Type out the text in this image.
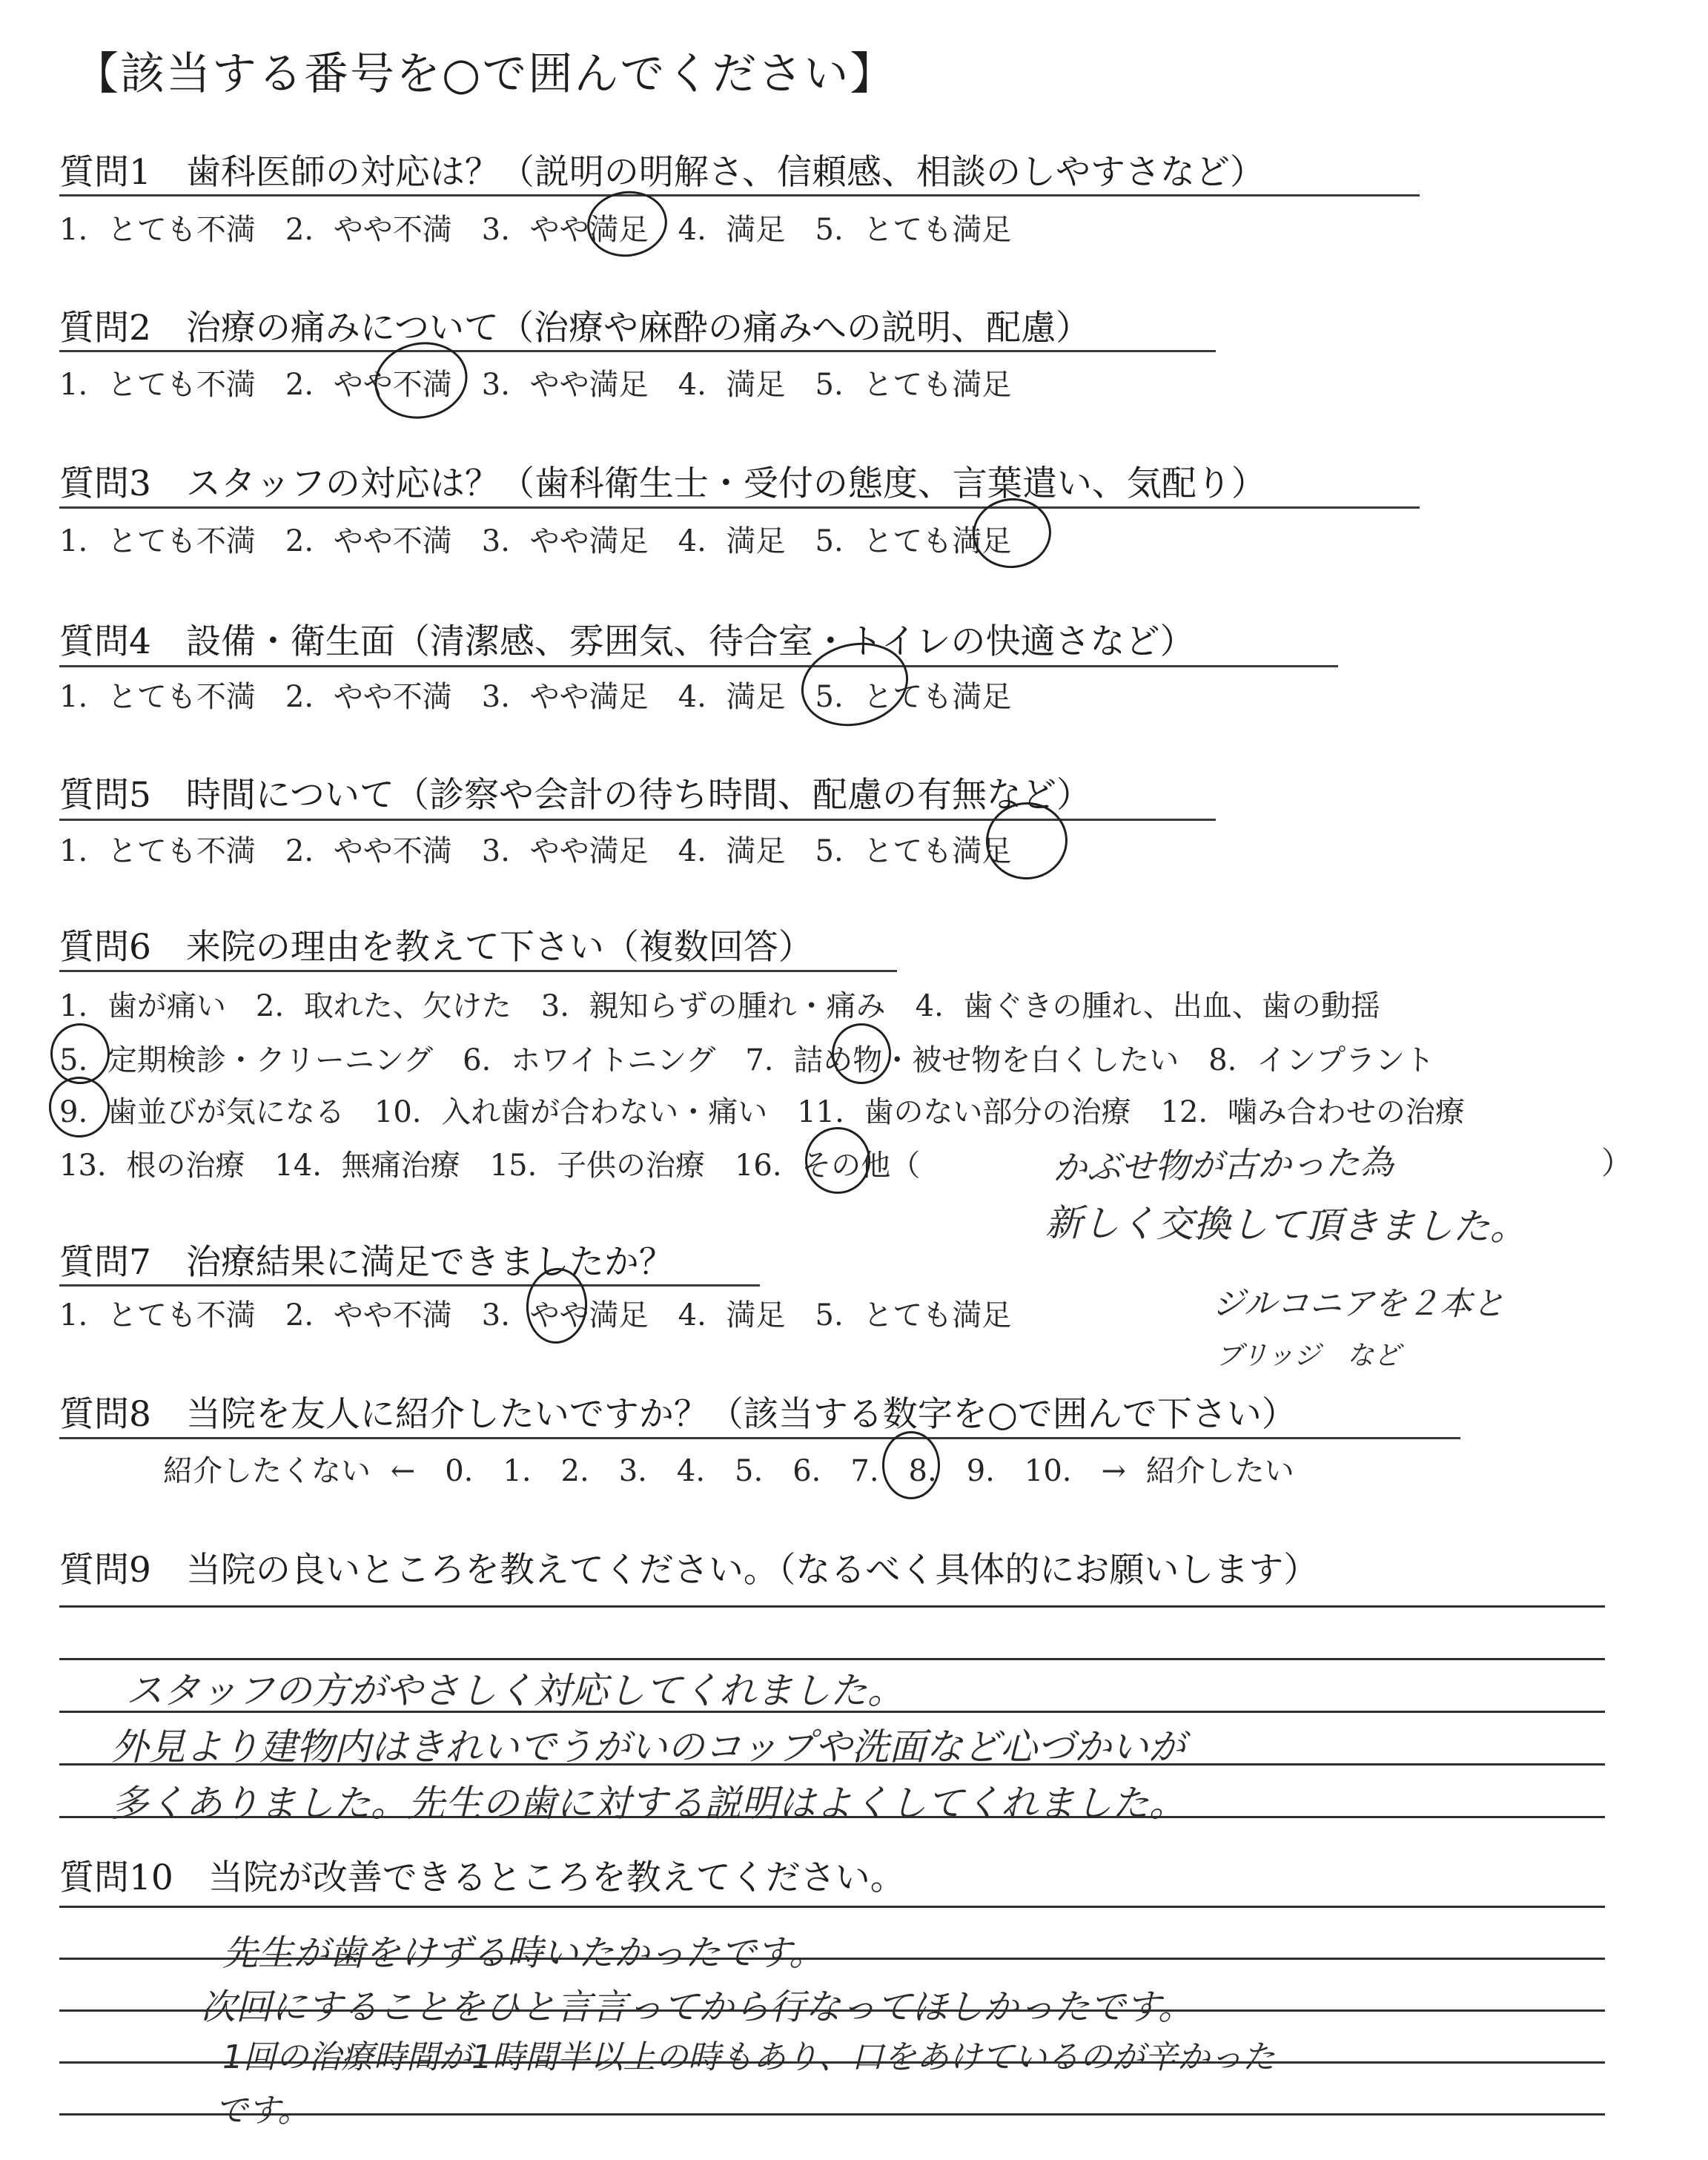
【該当する番号を○で囲んでください】
質問1　歯科医師の対応は？（説明の明解さ、信頼感、相談のしやすさなど）
1. とても不満　2. やや不満　3. やや満足　4. 満足　5. とても満足
質問2　治療の痛みについて（治療や麻酔の痛みへの説明、配慮）
1. とても不満　2. やや不満　3. やや満足　4. 満足　5. とても満足
質問3　スタッフの対応は？（歯科衛生士・受付の態度、言葉遣い、気配り）
1. とても不満　2. やや不満　3. やや満足　4. 満足　5. とても満足
質問4　設備・衛生面（清潔感、雰囲気、待合室・トイレの快適さなど）
1. とても不満　2. やや不満　3. やや満足　4. 満足　5. とても満足
質問5　時間について（診察や会計の待ち時間、配慮の有無など）
1. とても不満　2. やや不満　3. やや満足　4. 満足　5. とても満足
質問6　来院の理由を教えて下さい（複数回答）
1. 歯が痛い　2. 取れた、欠けた　3. 親知らずの腫れ・痛み　4. 歯ぐきの腫れ、出血、歯の動揺
5. 定期検診・クリーニング　6. ホワイトニング　7. 詰め物・被せ物を白くしたい　8. インプラント
9. 歯並びが気になる　10. 入れ歯が合わない・痛い　11. 歯のない部分の治療　12. 噛み合わせの治療
13. 根の治療　14. 無痛治療　15. 子供の治療　16. その他（	）
かぶせ物が古かった為
新しく交換して頂きました。
ジルコニアを２本と
ブリッジ　など
質問7　治療結果に満足できましたか？
1. とても不満　2. やや不満　3. やや満足　4. 満足　5. とても満足
質問8　当院を友人に紹介したいですか？（該当する数字を○で囲んで下さい）
紹介したくない ←　0.　1.　2.　3.　4.　5.　6.　7.　8.　9.　10.　→ 紹介したい
質問9　当院の良いところを教えてください。（なるべく具体的にお願いします）
スタッフの方がやさしく対応してくれました。
外見より建物内はきれいでうがいのコップや洗面など心づかいが
多くありました。先生の歯に対する説明はよくしてくれました。
質問10　当院が改善できるところを教えてください。
先生が歯をけずる時いたかったです。
次回にすることをひと言言ってから行なってほしかったです。
1回の治療時間が1時間半以上の時もあり、口をあけているのが辛かった
です。
